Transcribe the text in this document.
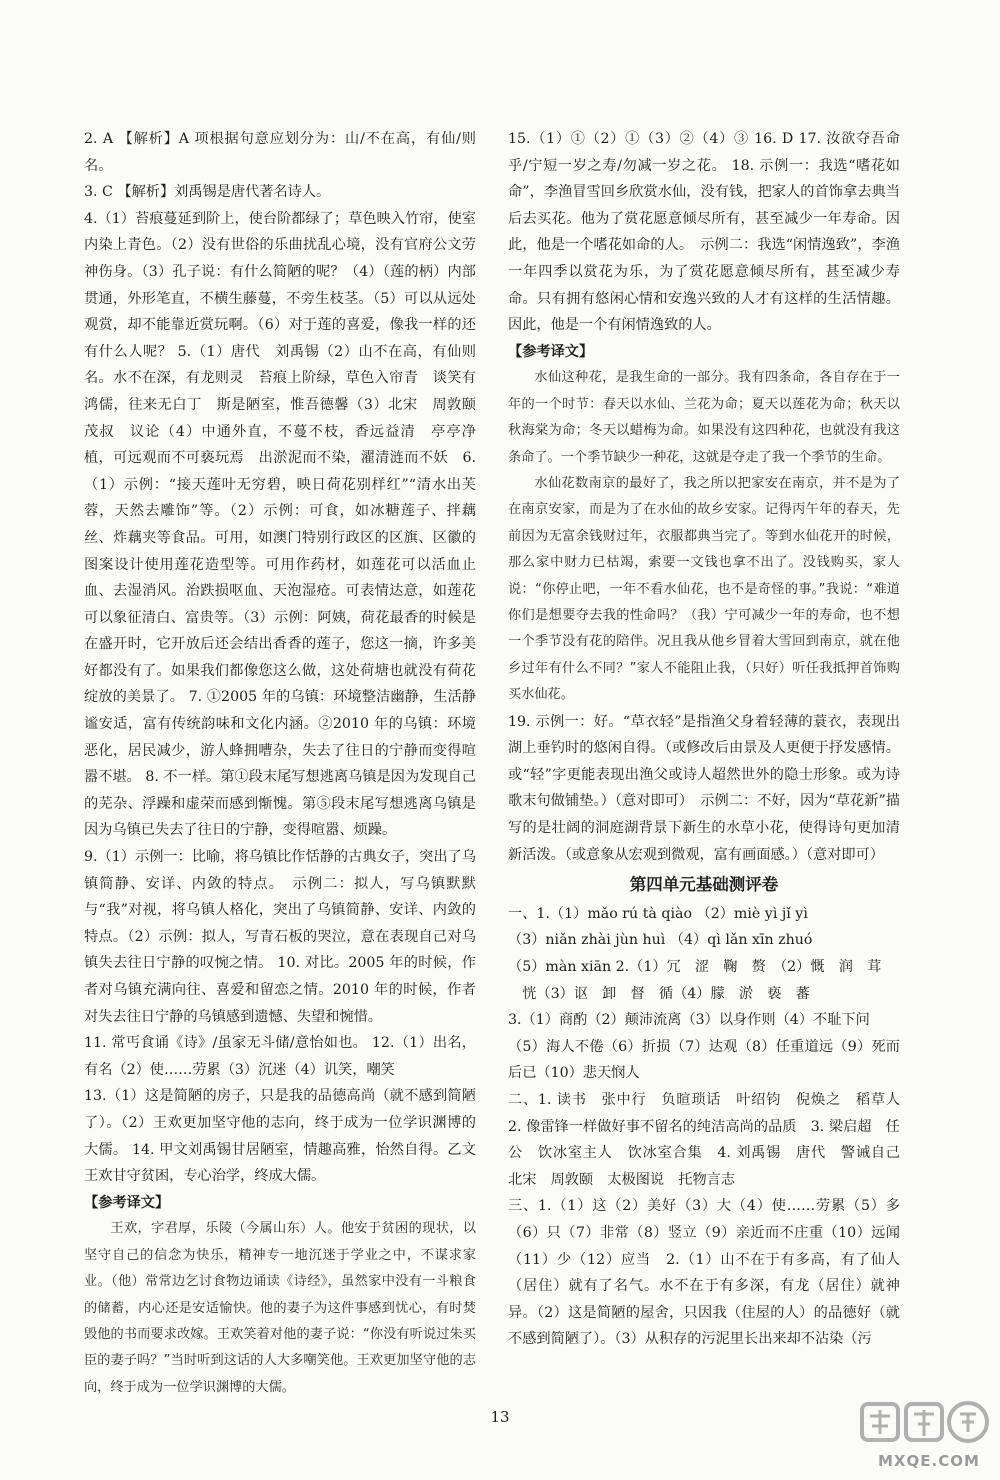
2. A 【解析】A 项根据句意应划分为：山/不在高，有仙/则名。

3. C 【解析】刘禹锡是唐代著名诗人。

4.（1）苔痕蔓延到阶上，使台阶都绿了；草色映入竹帘，使室内染上青色。（2）没有世俗的乐曲扰乱心境，没有官府公文劳神伤身。（3）孔子说：有什么简陋的呢？（4）（莲的柄）内部贯通，外形笔直，不横生藤蔓，不旁生枝茎。（5）可以从远处观赏，却不能靠近赏玩啊。（6）对于莲的喜爱，像我一样的还有什么人呢？ 5.（1）唐代　刘禹锡（2）山不在高，有仙则名。水不在深，有龙则灵　苔痕上阶绿，草色入帘青　谈笑有鸿儒，往来无白丁　斯是陋室，惟吾德馨（3）北宋　周敦颐　茂叔　议论（4）中通外直，不蔓不枝，香远益清　亭亭净植，可远观而不可亵玩焉　出淤泥而不染，濯清涟而不妖　6.（1）示例：“接天莲叶无穷碧，映日荷花别样红”“清水出芙蓉，天然去雕饰”等。（2）示例：可食，如冰糖莲子、拌藕丝、炸藕夹等食品。可用，如澳门特别行政区的区旗、区徽的图案设计使用莲花造型等。可用作药材，如莲花可以活血止血、去湿消风。治跌损呕血、天泡湿疮。可表情达意，如莲花可以象征清白、富贵等。（3）示例：阿姨，荷花最香的时候是在盛开时，它开放后还会结出香香的莲子，您这一摘，许多美好都没有了。如果我们都像您这么做，这处荷塘也就没有荷花绽放的美景了。 7. ①2005 年的乌镇：环境整洁幽静，生活静谧安适，富有传统韵味和文化内涵。②2010 年的乌镇：环境恶化，居民减少，游人蜂拥嘈杂，失去了往日的宁静而变得喧嚣不堪。 8. 不一样。第①段末尾写想逃离乌镇是因为发现自己的芜杂、浮躁和虚荣而感到惭愧。第⑤段末尾写想逃离乌镇是因为乌镇已失去了往日的宁静，变得喧嚣、烦躁。

9.（1）示例一：比喻，将乌镇比作恬静的古典女子，突出了乌镇简静、安详、内敛的特点。　示例二：拟人，写乌镇默默与“我”对视，将乌镇人格化，突出了乌镇简静、安详、内敛的特点。（2）示例：拟人，写青石板的哭泣，意在表现自己对乌镇失去往日宁静的叹惋之情。 10. 对比。2005 年的时候，作者对乌镇充满向往、喜爱和留恋之情。2010 年的时候，作者对失去往日宁静的乌镇感到遗憾、失望和惋惜。

11. 常丐食诵《诗》/虽家无斗储/意怡如也。 12.（1）出名，有名（2）使……劳累（3）沉迷（4）讥笑，嘲笑

13.（1）这是简陋的房子，只是我的品德高尚（就不感到简陋了）。（2）王欢更加坚守他的志向，终于成为一位学识渊博的大儒。 14. 甲文刘禹锡甘居陋室，情趣高雅，怡然自得。乙文王欢甘守贫困，专心治学，终成大儒。

【参考译文】

王欢，字君厚，乐陵（今属山东）人。他安于贫困的现状，以坚守自己的信念为快乐，精神专一地沉迷于学业之中，不谋求家业。（他）常常边乞讨食物边诵读《诗经》，虽然家中没有一斗粮食的储蓄，内心还是安适愉快。他的妻子为这件事感到忧心，有时焚毁他的书而要求改嫁。王欢笑着对他的妻子说：“你没有听说过朱买臣的妻子吗？”当时听到这话的人大多嘲笑他。王欢更加坚守他的志向，终于成为一位学识渊博的大儒。

15.（1）①（2）①（3）②（4）③ 16. D 17. 汝欲夺吾命乎/宁短一岁之寿/勿减一岁之花。 18. 示例一：我选“嗜花如命”，李渔冒雪回乡欣赏水仙，没有钱，把家人的首饰拿去典当后去买花。他为了赏花愿意倾尽所有，甚至减少一年寿命。因此，他是一个嗜花如命的人。　示例二：我选“闲情逸致”，李渔一年四季以赏花为乐，为了赏花愿意倾尽所有，甚至减少寿命。只有拥有悠闲心情和安逸兴致的人才有这样的生活情趣。因此，他是一个有闲情逸致的人。

【参考译文】

水仙这种花，是我生命的一部分。我有四条命，各自存在于一年的一个时节：春天以水仙、兰花为命；夏天以莲花为命；秋天以秋海棠为命；冬天以蜡梅为命。如果没有这四种花，也就没有我这条命了。一个季节缺少一种花，这就是夺走了我一个季节的生命。

水仙花数南京的最好了，我之所以把家安在南京，并不是为了在南京安家，而是为了在水仙的故乡安家。记得丙午年的春天，先前因为无富余钱财过年，衣服都典当完了。等到水仙花开的时候，那么家中财力已枯竭，索要一文钱也拿不出了。没钱购买，家人说：“你停止吧，一年不看水仙花，也不是奇怪的事。”我说：“难道你们是想要夺去我的性命吗？（我）宁可减少一年的寿命，也不想一个季节没有花的陪伴。况且我从他乡冒着大雪回到南京，就在他乡过年有什么不同？”家人不能阻止我，（只好）听任我抵押首饰购买水仙花。

19. 示例一：好。“草衣轻”是指渔父身着轻薄的蓑衣，表现出湖上垂钓时的悠闲自得。（或修改后由景及人更便于抒发感情。或“轻”字更能表现出渔父或诗人超然世外的隐士形象。或为诗歌末句做铺垫。）（意对即可）　示例二：不好，因为“草花新”描写的是壮阔的洞庭湖背景下新生的水草小花，使得诗句更加清新活泼。（或意象从宏观到微观，富有画面感。）（意对即可）

第四单元基础测评卷

一、1.（1）mǎo rú tà qiào （2）miè yì jǐ yì

（3）niǎn zhài jùn huì （4）qì lǎn xīn zhuó

（5）màn xiān 2.（1）冗　涩　鞠　赘　（2）慨　润　茸

　恍（3）讴　卸　督　循（4）朦　淤　亵　蕃

3.（1）商酌（2）颠沛流离（3）以身作则（4）不耻下问

（5）海人不倦（6）折损（7）达观（8）任重道远（9）死而后已（10）悲天悯人

二、1. 读书　张中行　负暄琐话　叶绍钧　倪焕之　稻草人　2. 像雷锋一样做好事不留名的纯洁高尚的品质　3. 梁启超　任公　饮冰室主人　饮冰室合集　4. 刘禹锡　唐代　警诫自己　北宋　周敦颐　太极图说　托物言志

三、1.（1）这（2）美好（3）大（4）使……劳累（5）多（6）只（7）非常（8）竖立（9）亲近而不庄重（10）远闻（11）少（12）应当　2.（1）山不在于有多高，有了仙人（居住）就有了名气。水不在于有多深，有龙（居住）就神异。（2）这是简陋的屋舍，只因我（住屋的人）的品德好（就不感到简陋了）。（3）从积存的污泥里长出来却不沾染（污

13
MXQE.COM
